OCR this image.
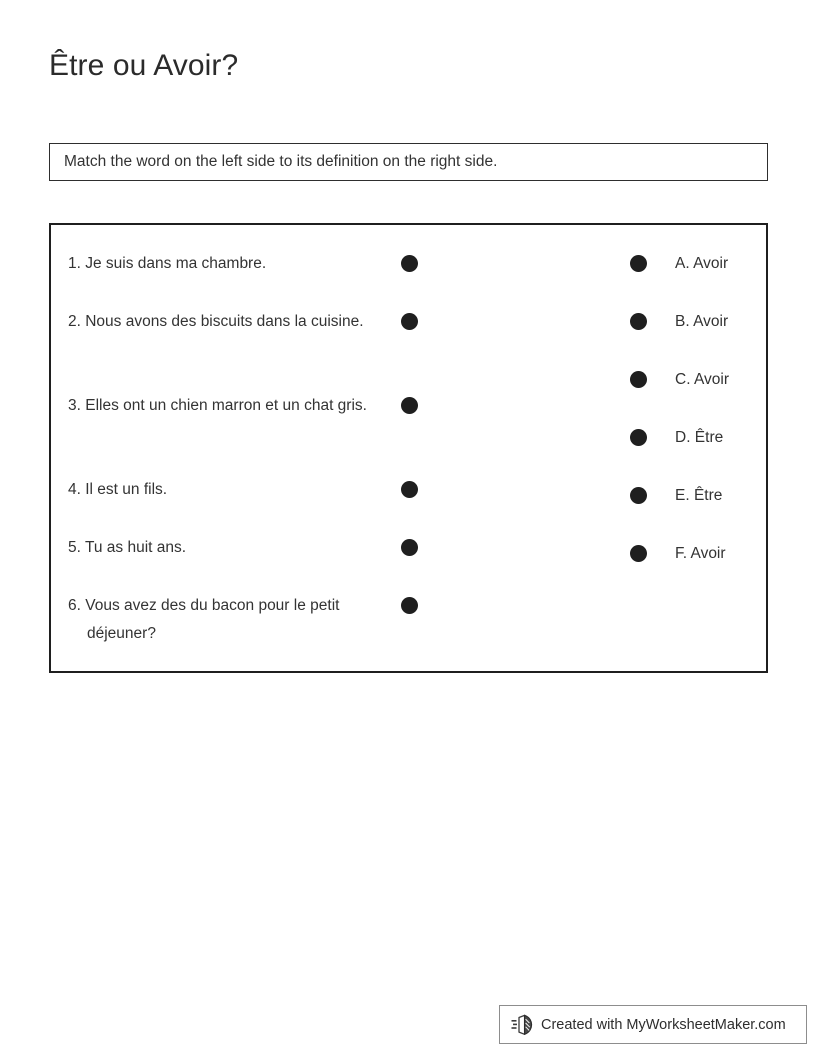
Être ou Avoir?
Match the word on the left side to its definition on the right side.
1. Je suis dans ma chambre.
2. Nous avons des biscuits dans la cuisine.
3. Elles ont un chien marron et un chat gris.
4. Il est un fils.
5. Tu as huit ans.
6. Vous avez des du bacon pour le petit déjeuner?
A. Avoir
B. Avoir
C. Avoir
D. Être
E. Être
F. Avoir
Created with MyWorksheetMaker.com
